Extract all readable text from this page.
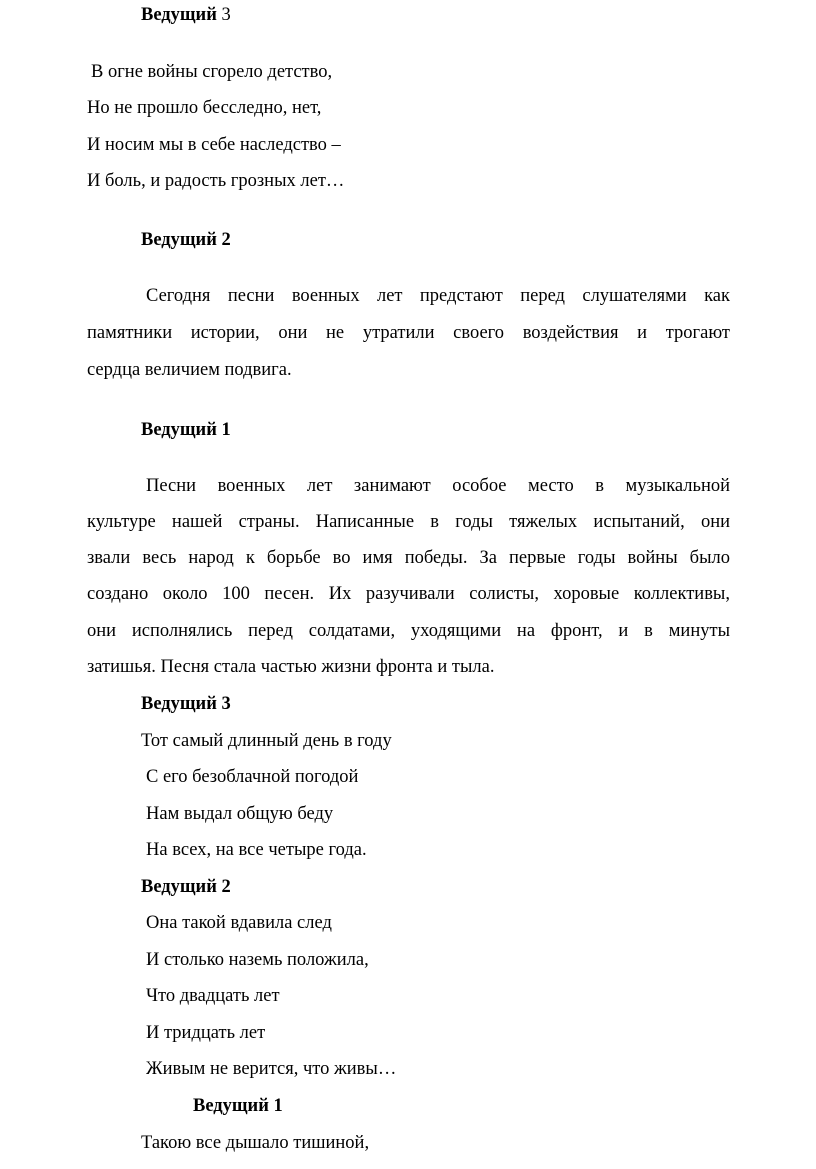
Ведущий 3
В огне войны сгорело детство,
Но не прошло бесследно, нет,
И носим мы в себе наследство –
И боль, и радость грозных лет…
Ведущий 2
Сегодня песни военных лет предстают перед слушателями как
памятники истории, они не утратили своего воздействия и трогают
сердца величием подвига.
Ведущий 1
Песни военных лет занимают особое место в музыкальной
культуре нашей страны. Написанные в годы тяжелых испытаний, они
звали весь народ к борьбе во имя победы. За первые годы войны было
создано около 100 песен. Их разучивали солисты, хоровые коллективы,
они исполнялись перед солдатами, уходящими на фронт, и в минуты
затишья. Песня стала частью жизни фронта и тыла.
Ведущий 3
Тот самый длинный день в году
С его безоблачной погодой
Нам выдал общую беду
На всех, на все четыре года.
Ведущий 2
Она такой вдавила след
И столько наземь положила,
Что двадцать лет
И тридцать лет
Живым не верится, что живы…
Ведущий 1
Такою все дышало тишиной,
